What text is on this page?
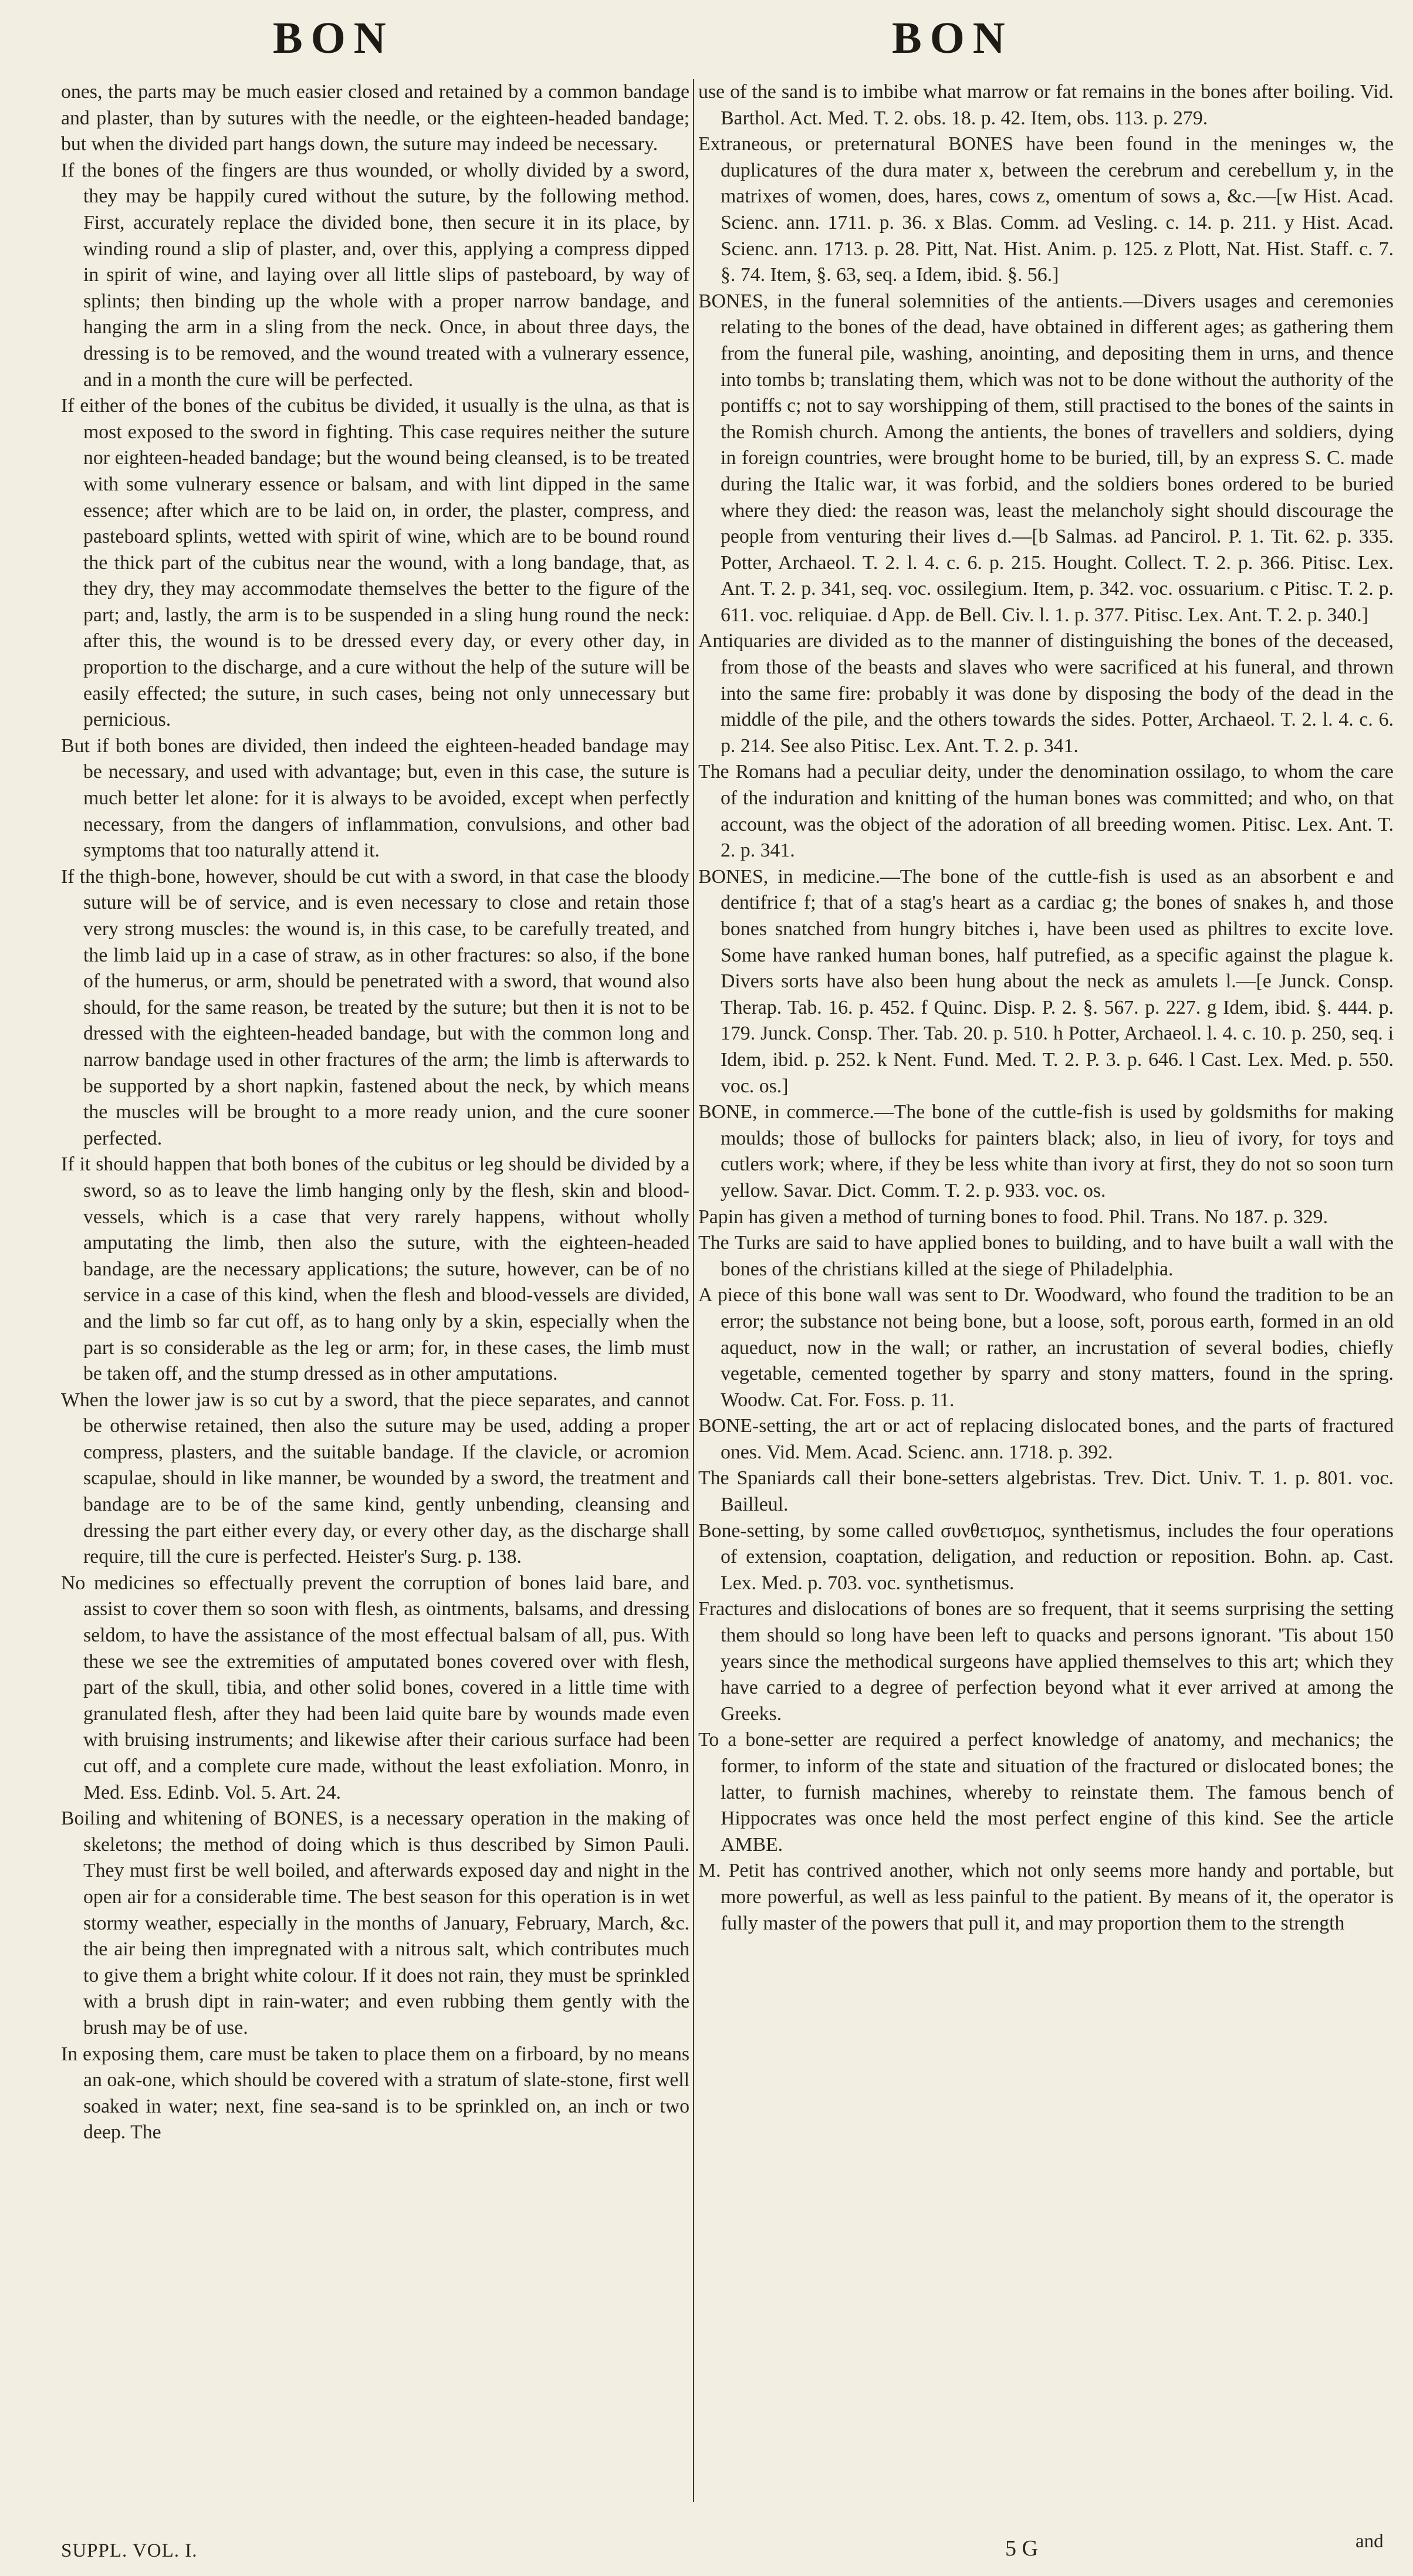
BON	BON

ones, the parts may be much easier closed and retained by a common bandage and plaster, than by sutures with the needle, or the eighteen-headed bandage; but when the divided part hangs down, the suture may indeed be necessary.

If the bones of the fingers are thus wounded, or wholly divided by a sword, they may be happily cured without the suture, by the following method. First, accurately replace the divided bone, then secure it in its place, by winding round a slip of plaster, and, over this, applying a compress dipped in spirit of wine, and laying over all little slips of pasteboard, by way of splints; then binding up the whole with a proper narrow bandage, and hanging the arm in a sling from the neck. Once, in about three days, the dressing is to be removed, and the wound treated with a vulnerary essence, and in a month the cure will be perfected.

If either of the bones of the cubitus be divided, it usually is the ulna, as that is most exposed to the sword in fighting. This case requires neither the suture nor eighteen-headed bandage; but the wound being cleansed, is to be treated with some vulnerary essence or balsam, and with lint dipped in the same essence; after which are to be laid on, in order, the plaster, compress, and pasteboard splints, wetted with spirit of wine, which are to be bound round the thick part of the cubitus near the wound, with a long bandage, that, as they dry, they may accommodate themselves the better to the figure of the part; and, lastly, the arm is to be suspended in a sling hung round the neck: after this, the wound is to be dressed every day, or every other day, in proportion to the discharge, and a cure without the help of the suture will be easily effected; the suture, in such cases, being not only unnecessary but pernicious.

But if both bones are divided, then indeed the eighteen-headed bandage may be necessary, and used with advantage; but, even in this case, the suture is much better let alone: for it is always to be avoided, except when perfectly necessary, from the dangers of inflammation, convulsions, and other bad symptoms that too naturally attend it.

If the thigh-bone, however, should be cut with a sword, in that case the bloody suture will be of service, and is even necessary to close and retain those very strong muscles: the wound is, in this case, to be carefully treated, and the limb laid up in a case of straw, as in other fractures: so also, if the bone of the humerus, or arm, should be penetrated with a sword, that wound also should, for the same reason, be treated by the suture; but then it is not to be dressed with the eighteen-headed bandage, but with the common long and narrow bandage used in other fractures of the arm; the limb is afterwards to be supported by a short napkin, fastened about the neck, by which means the muscles will be brought to a more ready union, and the cure sooner perfected.

If it should happen that both bones of the cubitus or leg should be divided by a sword, so as to leave the limb hanging only by the flesh, skin and blood-vessels, which is a case that very rarely happens, without wholly amputating the limb, then also the suture, with the eighteen-headed bandage, are the necessary applications; the suture, however, can be of no service in a case of this kind, when the flesh and blood-vessels are divided, and the limb so far cut off, as to hang only by a skin, especially when the part is so considerable as the leg or arm; for, in these cases, the limb must be taken off, and the stump dressed as in other amputations.

When the lower jaw is so cut by a sword, that the piece separates, and cannot be otherwise retained, then also the suture may be used, adding a proper compress, plasters, and the suitable bandage. If the clavicle, or acromion scapulae, should in like manner, be wounded by a sword, the treatment and bandage are to be of the same kind, gently unbending, cleansing and dressing the part either every day, or every other day, as the discharge shall require, till the cure is perfected. Heister's Surg. p. 138.

No medicines so effectually prevent the corruption of bones laid bare, and assist to cover them so soon with flesh, as ointments, balsams, and dressing seldom, to have the assistance of the most effectual balsam of all, pus. With these we see the extremities of amputated bones covered over with flesh, part of the skull, tibia, and other solid bones, covered in a little time with granulated flesh, after they had been laid quite bare by wounds made even with bruising instruments; and likewise after their carious surface had been cut off, and a complete cure made, without the least exfoliation. Monro, in Med. Ess. Edinb. Vol. 5. Art. 24.

Boiling and whitening of BONES, is a necessary operation in the making of skeletons; the method of doing which is thus described by Simon Pauli. They must first be well boiled, and afterwards exposed day and night in the open air for a considerable time. The best season for this operation is in wet stormy weather, especially in the months of January, February, March, &c. the air being then impregnated with a nitrous salt, which contributes much to give them a bright white colour. If it does not rain, they must be sprinkled with a brush dipt in rain-water; and even rubbing them gently with the brush may be of use.

In exposing them, care must be taken to place them on a firboard, by no means an oak-one, which should be covered with a stratum of slate-stone, first well soaked in water; next, fine sea-sand is to be sprinkled on, an inch or two deep. The

use of the sand is to imbibe what marrow or fat remains in the bones after boiling. Vid. Barthol. Act. Med. T. 2. obs. 18. p. 42. Item, obs. 113. p. 279.

Extraneous, or preternatural BONES have been found in the meninges w, the duplicatures of the dura mater x, between the cerebrum and cerebellum y, in the matrixes of women, does, hares, cows z, omentum of sows a, &c.—[w Hist. Acad. Scienc. ann. 1711. p. 36. x Blas. Comm. ad Vesling. c. 14. p. 211. y Hist. Acad. Scienc. ann. 1713. p. 28. Pitt, Nat. Hist. Anim. p. 125. z Plott, Nat. Hist. Staff. c. 7. §. 74. Item, §. 63, seq. a Idem, ibid. §. 56.]

BONES, in the funeral solemnities of the antients.—Divers usages and ceremonies relating to the bones of the dead, have obtained in different ages; as gathering them from the funeral pile, washing, anointing, and depositing them in urns, and thence into tombs b; translating them, which was not to be done without the authority of the pontiffs c; not to say worshipping of them, still practised to the bones of the saints in the Romish church. Among the antients, the bones of travellers and soldiers, dying in foreign countries, were brought home to be buried, till, by an express S. C. made during the Italic war, it was forbid, and the soldiers bones ordered to be buried where they died: the reason was, least the melancholy sight should discourage the people from venturing their lives d.—[b Salmas. ad Pancirol. P. 1. Tit. 62. p. 335. Potter, Archaeol. T. 2. l. 4. c. 6. p. 215. Hought. Collect. T. 2. p. 366. Pitisc. Lex. Ant. T. 2. p. 341, seq. voc. ossilegium. Item, p. 342. voc. ossuarium. c Pitisc. T. 2. p. 611. voc. reliquiae. d App. de Bell. Civ. l. 1. p. 377. Pitisc. Lex. Ant. T. 2. p. 340.]

Antiquaries are divided as to the manner of distinguishing the bones of the deceased, from those of the beasts and slaves who were sacrificed at his funeral, and thrown into the same fire: probably it was done by disposing the body of the dead in the middle of the pile, and the others towards the sides. Potter, Archaeol. T. 2. l. 4. c. 6. p. 214. See also Pitisc. Lex. Ant. T. 2. p. 341.

The Romans had a peculiar deity, under the denomination ossilago, to whom the care of the induration and knitting of the human bones was committed; and who, on that account, was the object of the adoration of all breeding women. Pitisc. Lex. Ant. T. 2. p. 341.

BONES, in medicine.—The bone of the cuttle-fish is used as an absorbent e and dentifrice f; that of a stag's heart as a cardiac g; the bones of snakes h, and those bones snatched from hungry bitches i, have been used as philtres to excite love. Some have ranked human bones, half putrefied, as a specific against the plague k. Divers sorts have also been hung about the neck as amulets l.—[e Junck. Consp. Therap. Tab. 16. p. 452. f Quinc. Disp. P. 2. §. 567. p. 227. g Idem, ibid. §. 444. p. 179. Junck. Consp. Ther. Tab. 20. p. 510. h Potter, Archaeol. l. 4. c. 10. p. 250, seq. i Idem, ibid. p. 252. k Nent. Fund. Med. T. 2. P. 3. p. 646. l Cast. Lex. Med. p. 550. voc. os.]

BONE, in commerce.—The bone of the cuttle-fish is used by goldsmiths for making moulds; those of bullocks for painters black; also, in lieu of ivory, for toys and cutlers work; where, if they be less white than ivory at first, they do not so soon turn yellow. Savar. Dict. Comm. T. 2. p. 933. voc. os.

Papin has given a method of turning bones to food. Phil. Trans. No 187. p. 329.

The Turks are said to have applied bones to building, and to have built a wall with the bones of the christians killed at the siege of Philadelphia.

A piece of this bone wall was sent to Dr. Woodward, who found the tradition to be an error; the substance not being bone, but a loose, soft, porous earth, formed in an old aqueduct, now in the wall; or rather, an incrustation of several bodies, chiefly vegetable, cemented together by sparry and stony matters, found in the spring. Woodw. Cat. For. Foss. p. 11.

BONE-setting, the art or act of replacing dislocated bones, and the parts of fractured ones. Vid. Mem. Acad. Scienc. ann. 1718. p. 392.

The Spaniards call their bone-setters algebristas. Trev. Dict. Univ. T. 1. p. 801. voc. Bailleul.

Bone-setting, by some called συνθετισμος, synthetismus, includes the four operations of extension, coaptation, deligation, and reduction or reposition. Bohn. ap. Cast. Lex. Med. p. 703. voc. synthetismus.

Fractures and dislocations of bones are so frequent, that it seems surprising the setting them should so long have been left to quacks and persons ignorant. 'Tis about 150 years since the methodical surgeons have applied themselves to this art; which they have carried to a degree of perfection beyond what it ever arrived at among the Greeks.

To a bone-setter are required a perfect knowledge of anatomy, and mechanics; the former, to inform of the state and situation of the fractured or dislocated bones; the latter, to furnish machines, whereby to reinstate them. The famous bench of Hippocrates was once held the most perfect engine of this kind. See the article AMBE.

M. Petit has contrived another, which not only seems more handy and portable, but more powerful, as well as less painful to the patient. By means of it, the operator is fully master of the powers that pull it, and may proportion them to the strength

SUPPL. VOL. I.	5 G	and
